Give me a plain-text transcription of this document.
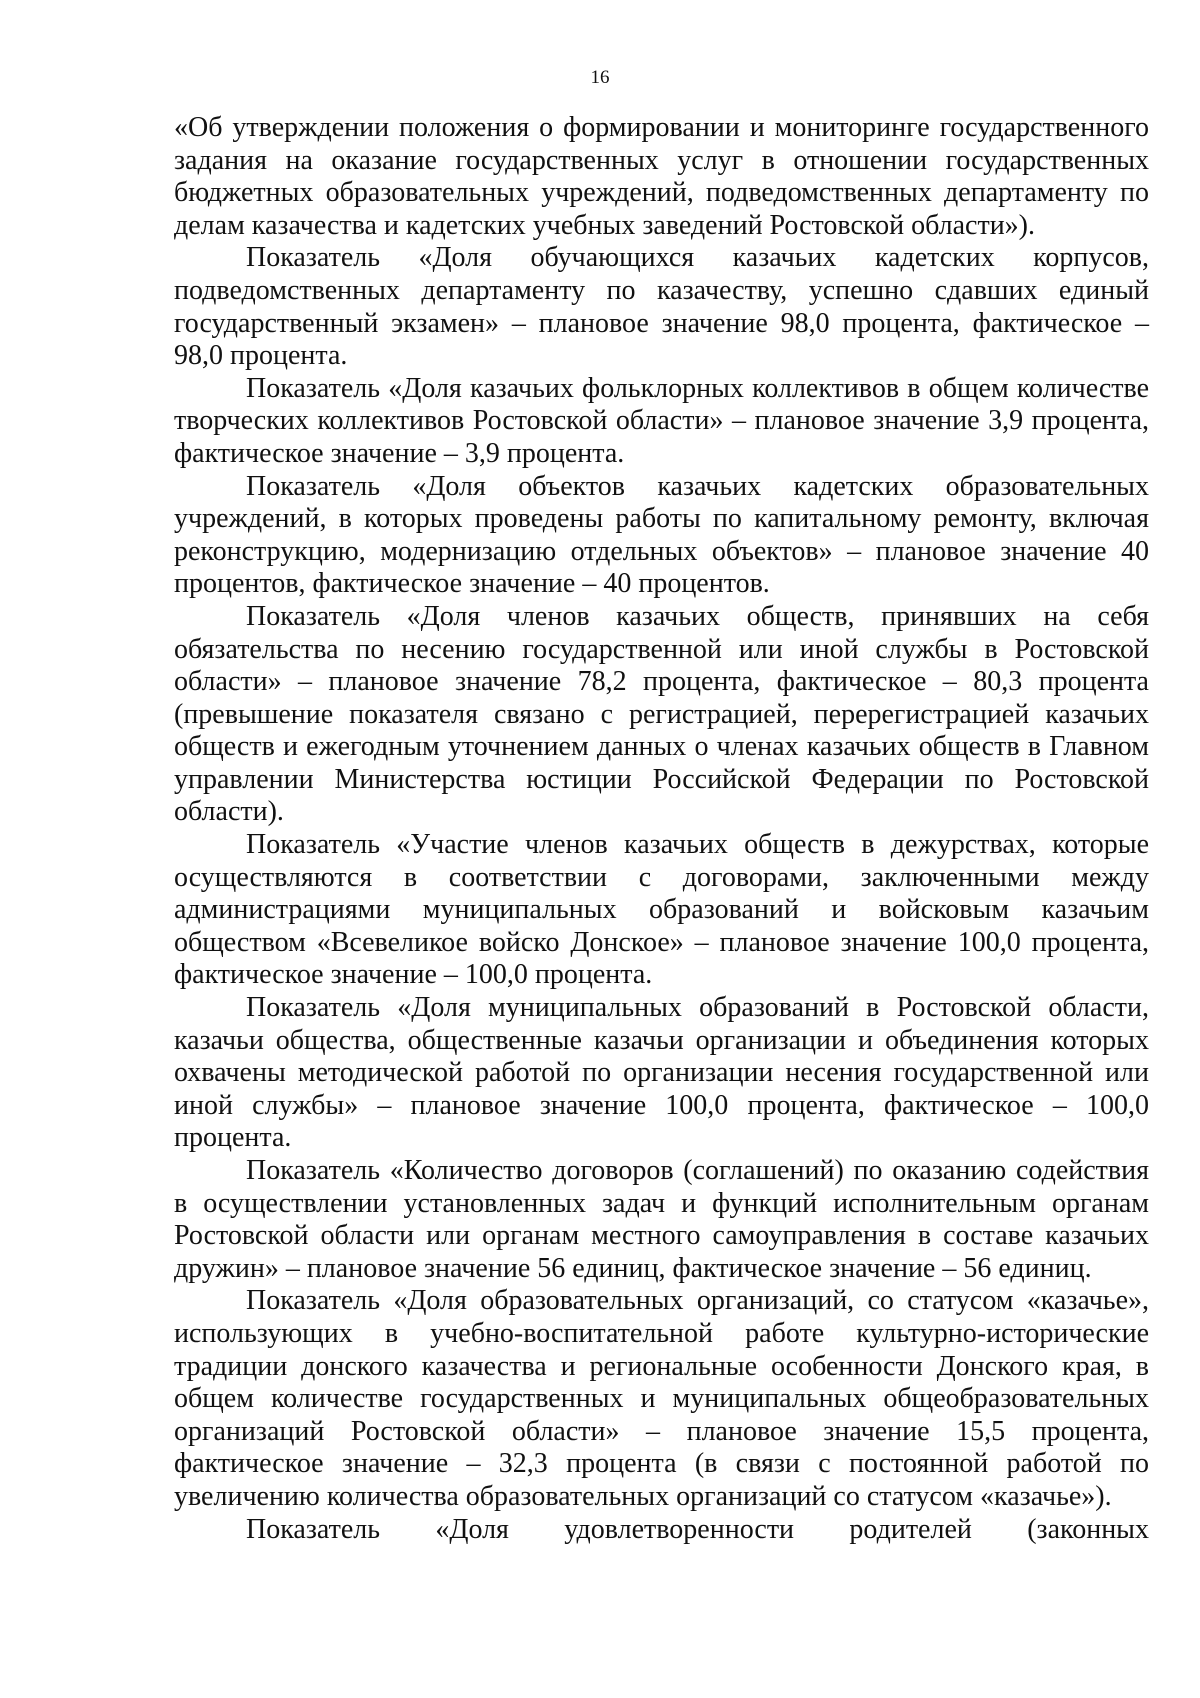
16

«Об утверждении положения о формировании и мониторинге государственного задания на оказание государственных услуг в отношении государственных бюджетных образовательных учреждений, подведомственных департаменту по делам казачества и кадетских учебных заведений Ростовской области»).

Показатель «Доля обучающихся казачьих кадетских корпусов, подведомственных департаменту по казачеству, успешно сдавших единый государственный экзамен» – плановое значение 98,0 процента, фактическое – 98,0 процента.

Показатель «Доля казачьих фольклорных коллективов в общем количестве творческих коллективов Ростовской области» – плановое значение 3,9 процента, фактическое значение – 3,9 процента.

Показатель «Доля объектов казачьих кадетских образовательных учреждений, в которых проведены работы по капитальному ремонту, включая реконструкцию, модернизацию отдельных объектов» – плановое значение 40 процентов, фактическое значение – 40 процентов.

Показатель «Доля членов казачьих обществ, принявших на себя обязательства по несению государственной или иной службы в Ростовской области» – плановое значение 78,2 процента, фактическое – 80,3 процента (превышение показателя связано с регистрацией, перерегистрацией казачьих обществ и ежегодным уточнением данных о членах казачьих обществ в Главном управлении Министерства юстиции Российской Федерации по Ростовской области).

Показатель «Участие членов казачьих обществ в дежурствах, которые осуществляются в соответствии с договорами, заключенными между администрациями муниципальных образований и войсковым казачьим обществом «Всевеликое войско Донское» – плановое значение 100,0 процента, фактическое значение – 100,0 процента.

Показатель «Доля муниципальных образований в Ростовской области, казачьи общества, общественные казачьи организации и объединения которых охвачены методической работой по организации несения государственной или иной службы» – плановое значение 100,0 процента, фактическое – 100,0 процента.

Показатель «Количество договоров (соглашений) по оказанию содействия в осуществлении установленных задач и функций исполнительным органам Ростовской области или органам местного самоуправления в составе казачьих дружин» – плановое значение 56 единиц, фактическое значение – 56 единиц.

Показатель «Доля образовательных организаций, со статусом «казачье», использующих в учебно-воспитательной работе культурно-исторические традиции донского казачества и региональные особенности Донского края, в общем количестве государственных и муниципальных общеобразовательных организаций Ростовской области» – плановое значение 15,5 процента, фактическое значение – 32,3 процента (в связи с постоянной работой по увеличению количества образовательных организаций со статусом «казачье»).

Показатель «Доля удовлетворенности родителей (законных
